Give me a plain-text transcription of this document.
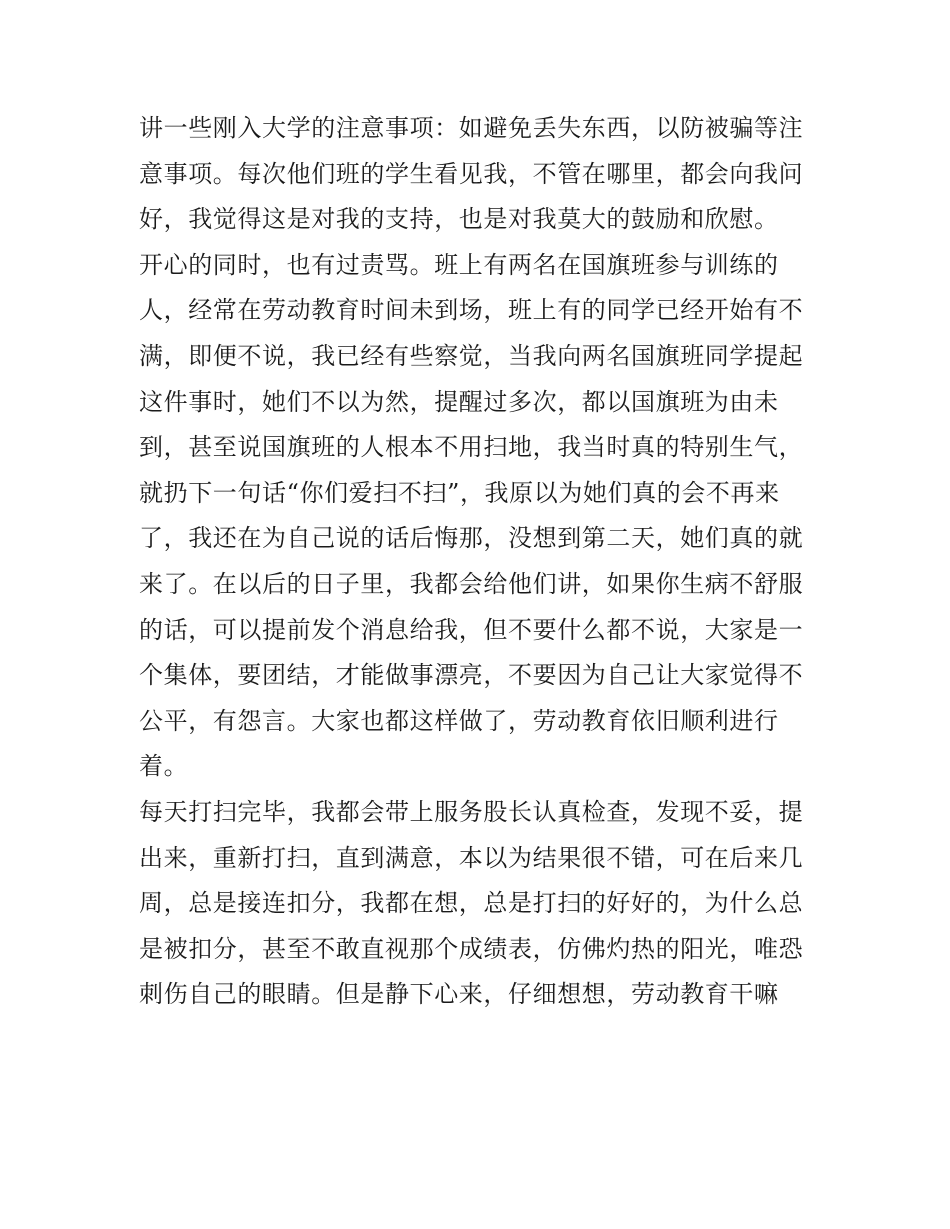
讲一些刚入大学的注意事项：如避免丢失东西，以防被骗等注
意事项。每次他们班的学生看见我，不管在哪里，都会向我问
好，我觉得这是对我的支持，也是对我莫大的鼓励和欣慰。
开心的同时，也有过责骂。班上有两名在国旗班参与训练的
人，经常在劳动教育时间未到场，班上有的同学已经开始有不
满，即便不说，我已经有些察觉，当我向两名国旗班同学提起
这件事时，她们不以为然，提醒过多次，都以国旗班为由未
到，甚至说国旗班的人根本不用扫地，我当时真的特别生气，
就扔下一句话“你们爱扫不扫”，我原以为她们真的会不再来
了，我还在为自己说的话后悔那，没想到第二天，她们真的就
来了。在以后的日子里，我都会给他们讲，如果你生病不舒服
的话，可以提前发个消息给我，但不要什么都不说，大家是一
个集体，要团结，才能做事漂亮，不要因为自己让大家觉得不
公平，有怨言。大家也都这样做了，劳动教育依旧顺利进行
着。
每天打扫完毕，我都会带上服务股长认真检查，发现不妥，提
出来，重新打扫，直到满意，本以为结果很不错，可在后来几
周，总是接连扣分，我都在想，总是打扫的好好的，为什么总
是被扣分，甚至不敢直视那个成绩表，仿佛灼热的阳光，唯恐
刺伤自己的眼睛。但是静下心来，仔细想想，劳动教育干嘛
